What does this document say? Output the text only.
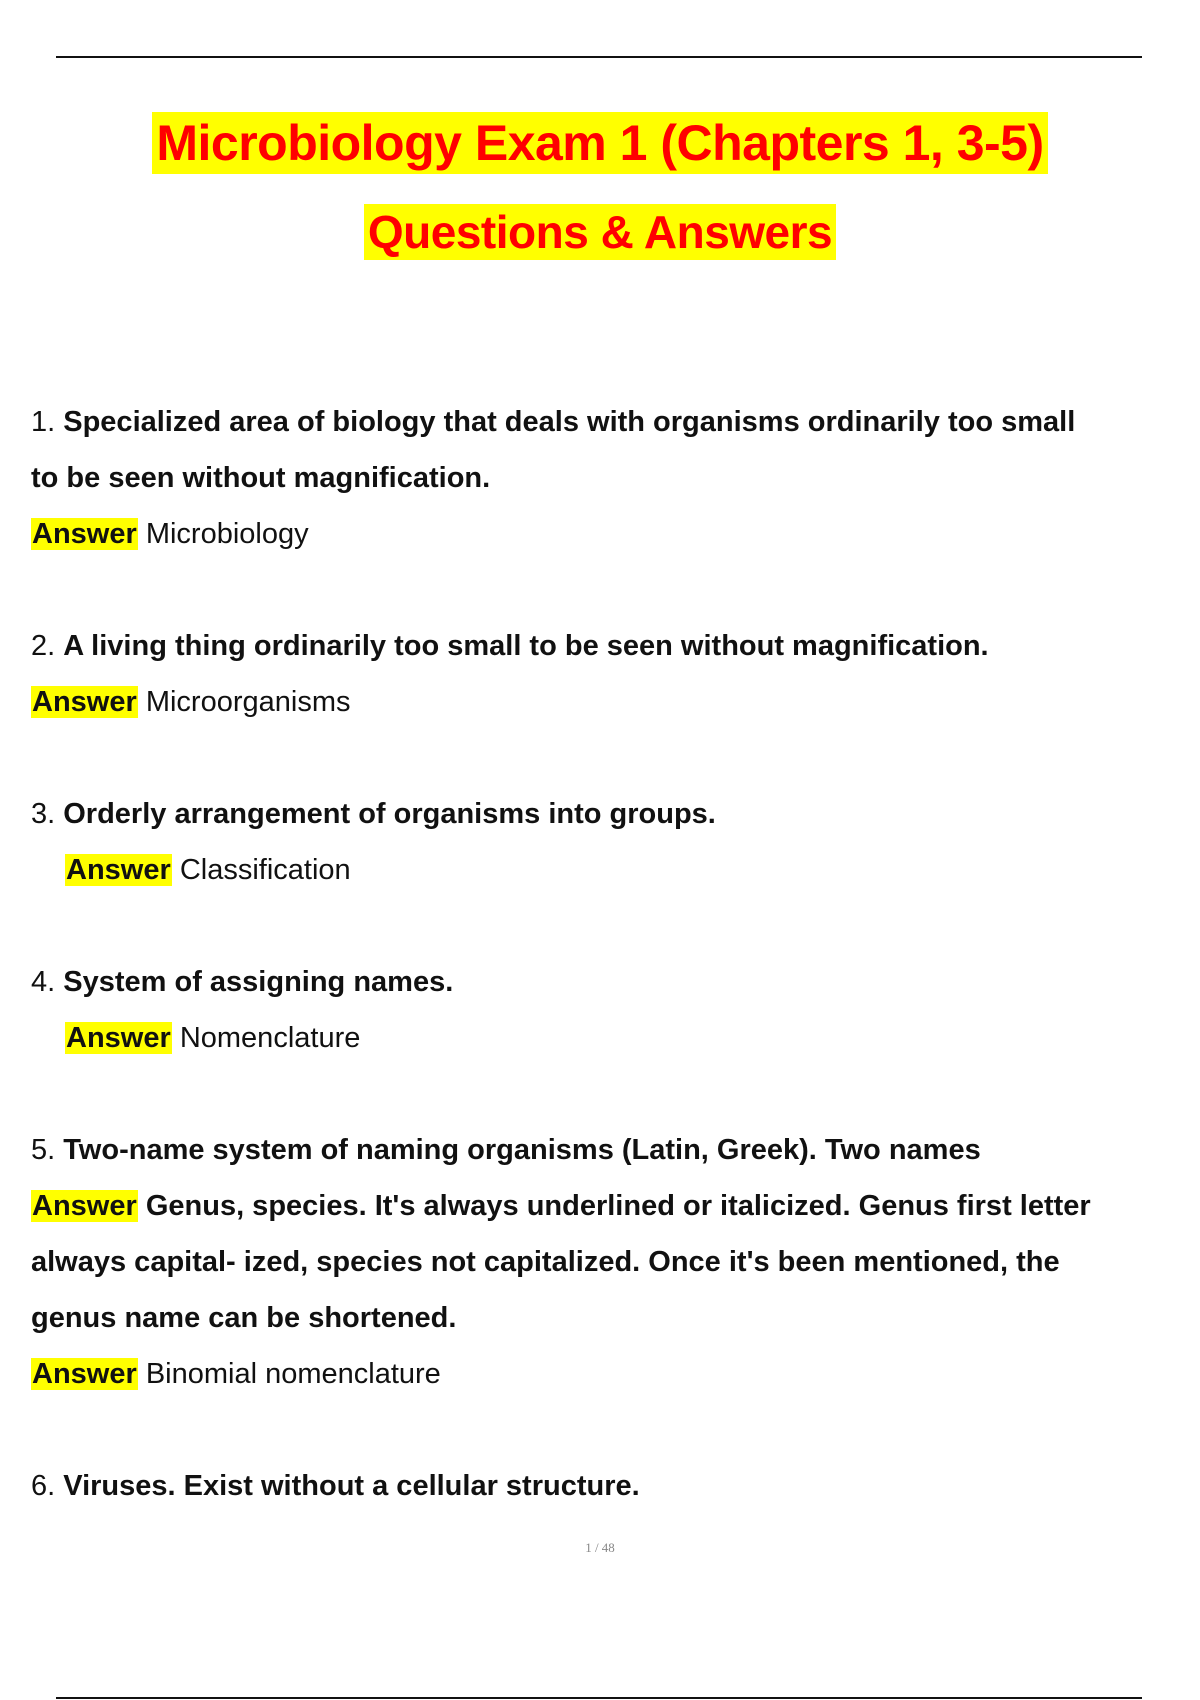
Microbiology Exam 1 (Chapters 1, 3-5)
Questions & Answers

1. Specialized area of biology that deals with organisms ordinarily too small

to be seen without magnification.

Answer Microbiology

2. A living thing ordinarily too small to be seen without magnification.

Answer Microorganisms

3. Orderly arrangement of organisms into groups.

Answer Classification

4. System of assigning names.

Answer Nomenclature

5. Two-name system of naming organisms (Latin, Greek). Two names

Answer Genus, species. It's always underlined or italicized. Genus first letter

always capital- ized, species not capitalized. Once it's been mentioned, the

genus name can be shortened.

Answer Binomial nomenclature

6. Viruses. Exist without a cellular structure.

1 / 48
